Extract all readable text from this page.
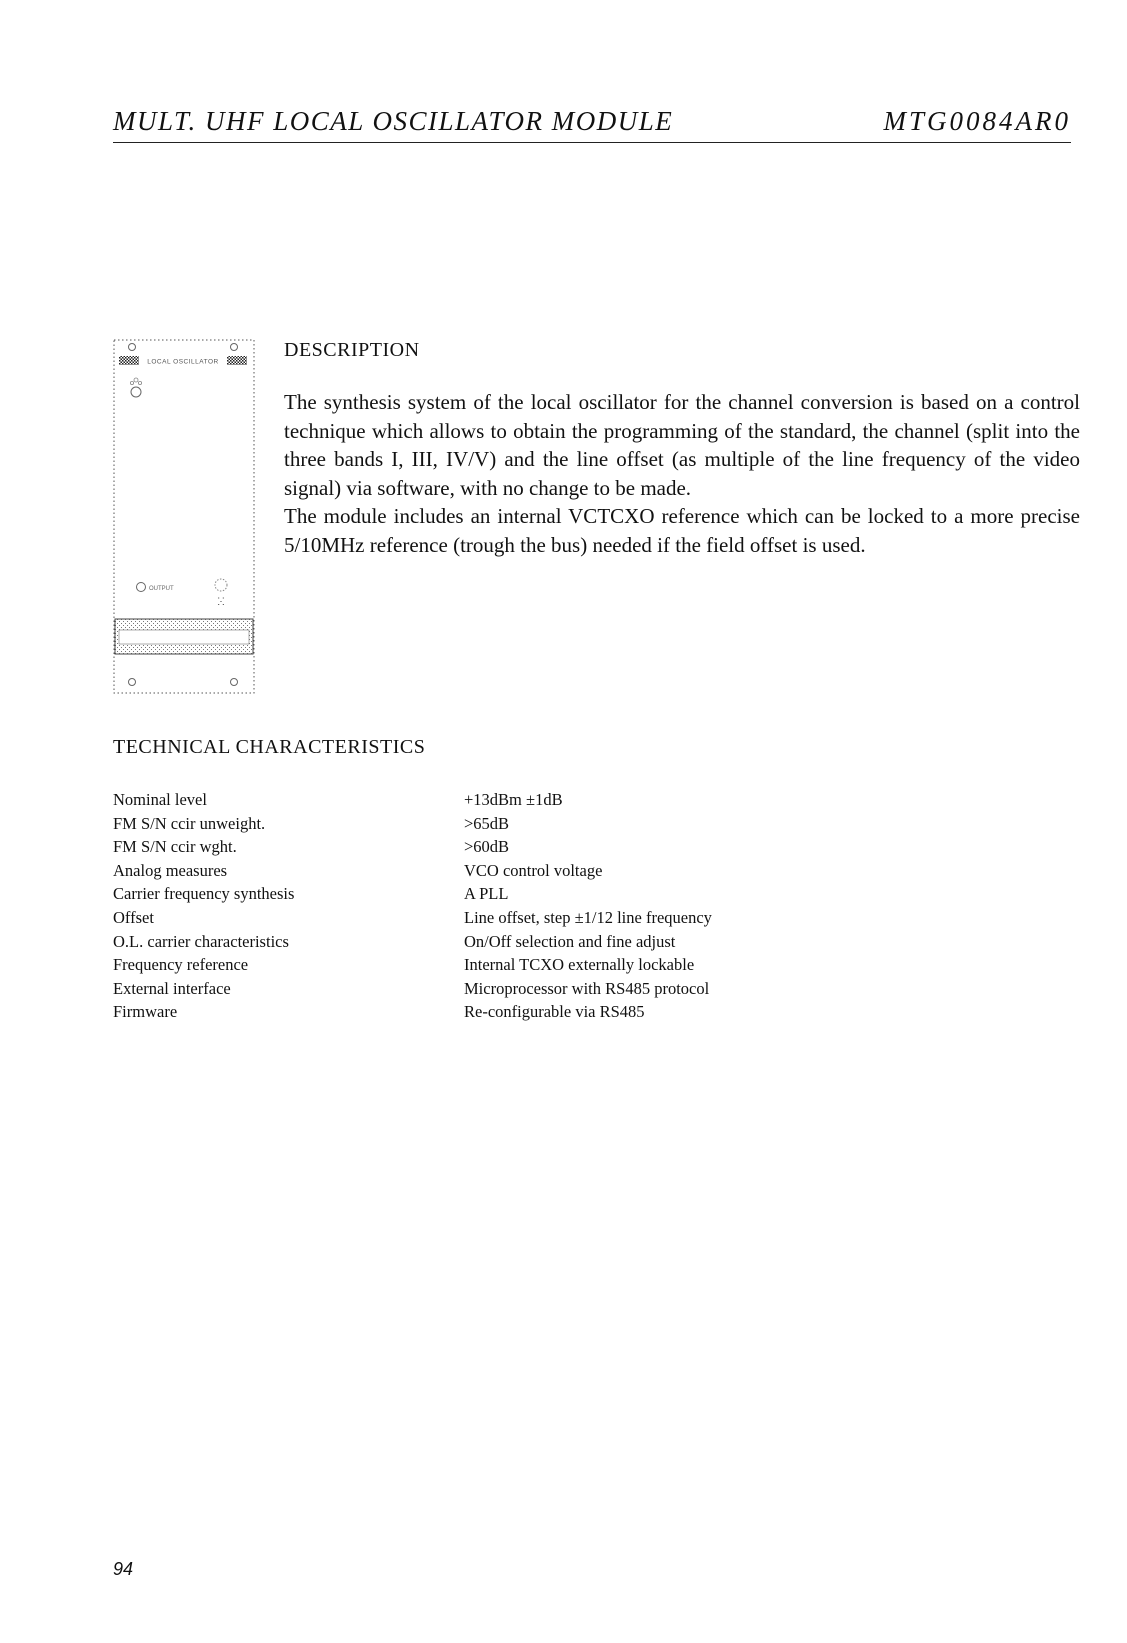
MULT. UHF LOCAL OSCILLATOR MODULE	MTG0084AR0
LOCAL OSCILLATOR
OUTPUT
ⵘ
DESCRIPTION

The synthesis system of the local oscillator for the channel conversion is based on a control technique which allows to obtain the programming of the standard, the channel (split into the three bands I, III, IV/V) and the line offset (as multiple of the line frequency of the video signal) via software, with no change to be made.

The module includes an internal VCTCXO reference which can be locked to a more precise 5/10MHz reference (trough the bus) needed if the field offset is used.

TECHNICAL CHARACTERISTICS
Nominal level	+13dBm ±1dB
FM S/N ccir unweight.	>65dB
FM S/N ccir wght.	>60dB
Analog measures	VCO control voltage
Carrier frequency synthesis	A PLL
Offset	Line offset, step ±1/12 line frequency
O.L. carrier characteristics	On/Off selection and fine adjust
Frequency reference	Internal TCXO externally lockable
External interface	Microprocessor with RS485 protocol
Firmware	Re-configurable via RS485
94
